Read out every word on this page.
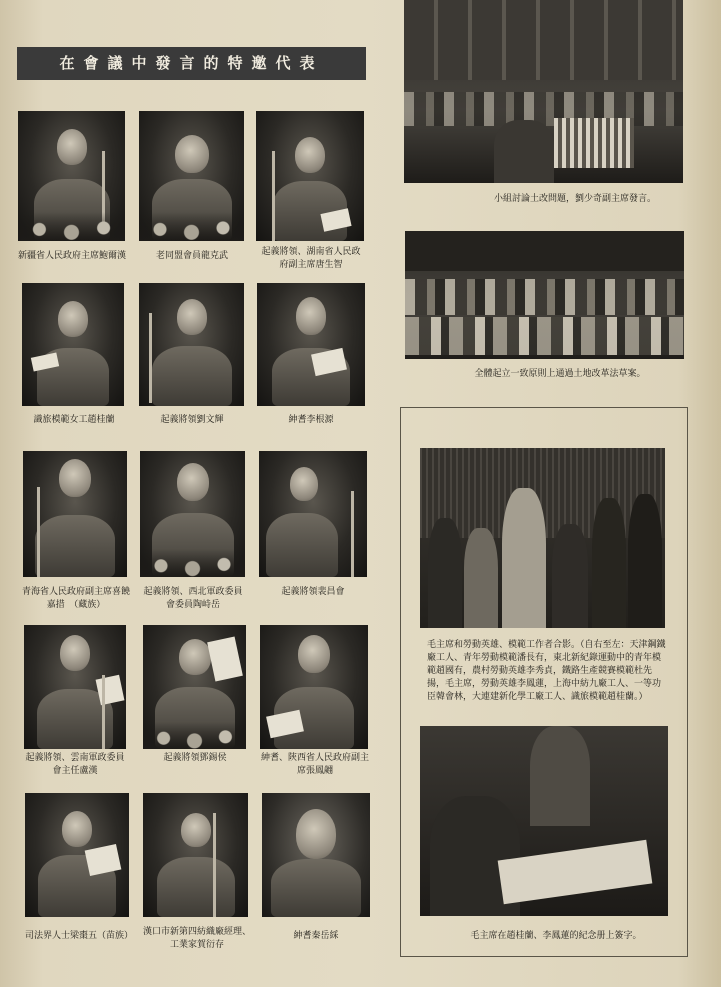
在會議中發言的特邀代表
新疆省人民政府主席鮑爾漢	老同盟會員龍克武	起義將領、湖南省人民政府副主席唐生智
識旅模範女工趙桂蘭	起義將領劉文輝	紳耆李根源
青海省人民政府副主席喜饒嘉措　（藏族）
起義將領、西北軍政委員會委員陶峙岳
起義將領裴昌會
起義將領、雲南軍政委員會主任盧漢
起義將領鄧錫侯	紳耆、陝西省人民政府副主席張鳳翽
司法界人士梁棗五（苗族） 漢口市新第四紡織廠經理、工業家賀衍存
紳耆秦岳綵
小組討論土改問題，劉少奇副主席發言。
全體起立一致原則上通過土地改革法草案。
毛主席和勞動英雄、模範工作者合影。（自右至左：天津鋼鐵廠工人、青年勞動模範潘長有，東北新紀錄運動中的青年模範趙國有，農村勞動英雄李秀貞，鐵路生產競賽模範杜先揚，毛主席，勞動英雄李鳳蓮，上海中紡九廠工人、一等功臣韓會林，大連建新化學工廠工人、識旅模範趙桂蘭。）
毛主席在趙桂蘭、李鳳蓮的紀念册上簽字。
